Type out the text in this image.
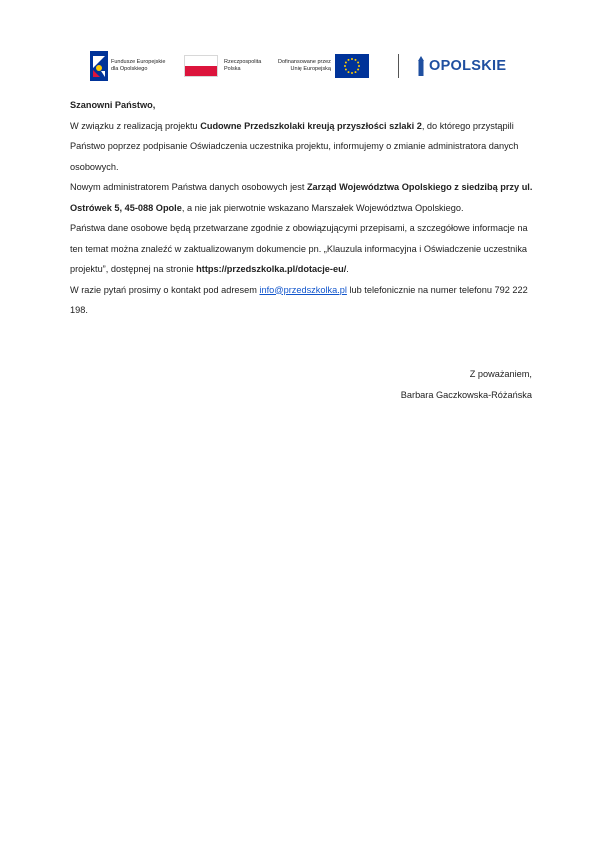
Fundusze Europejskie
dla Opolskiego
Rzeczpospolita
Polska
Dofinansowane przez
Unię Europejską	OPOLSKIE

Szanowni Państwo,

W związku z realizacją projektu Cudowne Przedszkolaki kreują przyszłości szlaki 2, do którego przystąpili Państwo poprzez podpisanie Oświadczenia uczestnika projektu, informujemy o zmianie administratora danych osobowych.

Nowym administratorem Państwa danych osobowych jest Zarząd Województwa Opolskiego z siedzibą przy ul. Ostrówek 5, 45-088 Opole, a nie jak pierwotnie wskazano Marszałek Województwa Opolskiego.

Państwa dane osobowe będą przetwarzane zgodnie z obowiązującymi przepisami, a szczegółowe informacje na ten temat można znaleźć w zaktualizowanym dokumencie pn. „Klauzula informacyjna i Oświadczenie uczestnika projektu”, dostępnej na stronie https://przedszkolka.pl/dotacje-eu/.

W razie pytań prosimy o kontakt pod adresem info@przedszkolka.pl lub telefonicznie na numer telefonu 792 222 198.

Z poważaniem,
Barbara Gaczkowska-Różańska
